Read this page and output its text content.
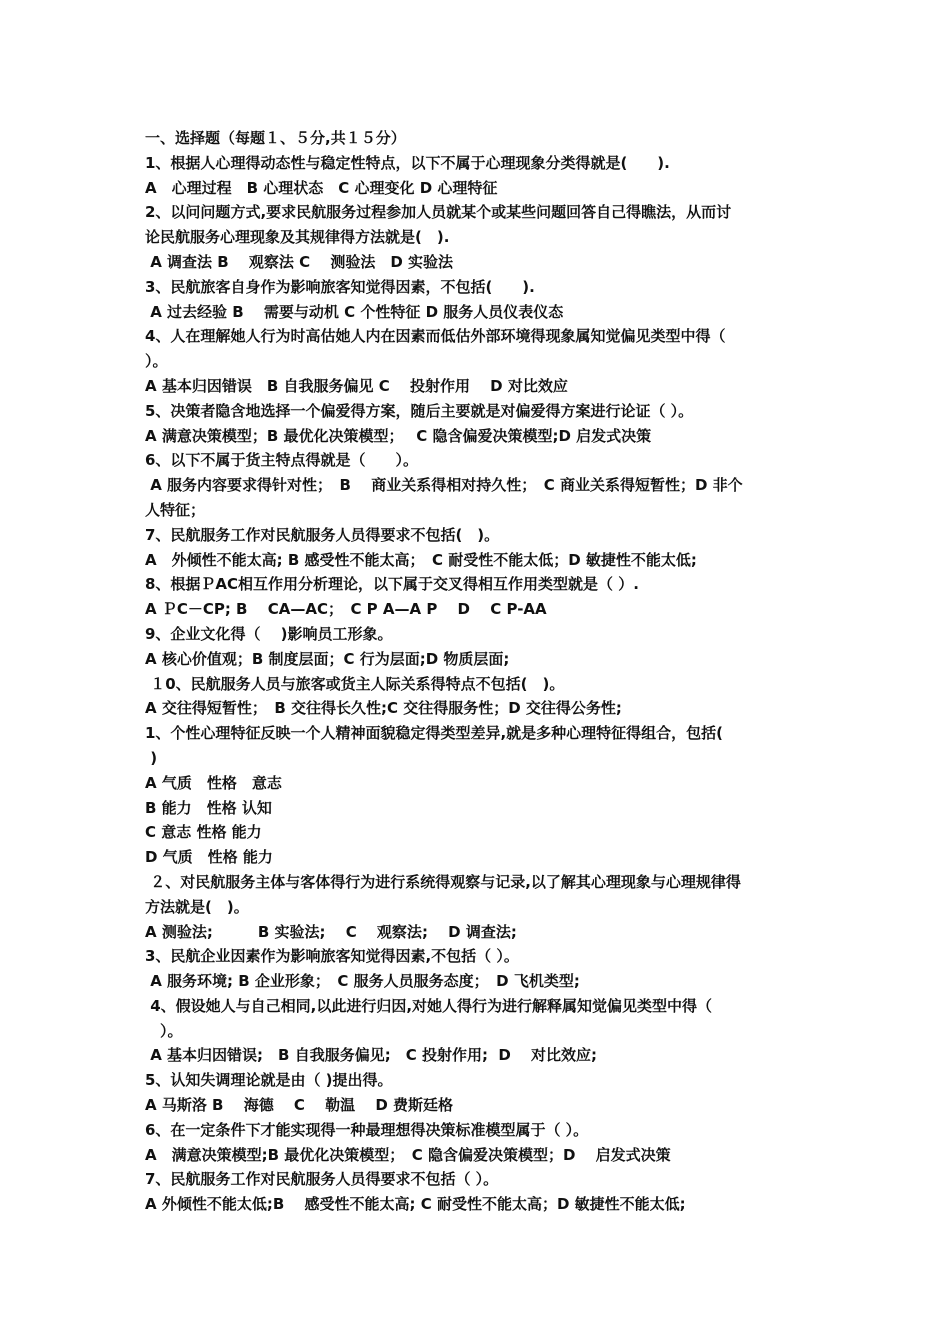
一、选择题（每题１、５分,共１５分）
1、根据人心理得动态性与稳定性特点，以下不属于心理现象分类得就是(　　).
A　心理过程　B 心理状态　C 心理变化 D 心理特征
2、以问问题方式,要求民航服务过程参加人员就某个或某些问题回答自己得瞧法，从而讨
论民航服务心理现象及其规律得方法就是(　).
A 调查法 B　 观察法 C　 测验法　D 实验法
3、民航旅客自身作为影响旅客知觉得因素，不包括(　　).
A 过去经验 B　 需要与动机 C 个性特征 D 服务人员仪表仪态
4、人在理解她人行为时高估她人内在因素而低估外部环境得现象属知觉偏见类型中得（
）。
A 基本归因错误　B 自我服务偏见 C　 投射作用　 D 对比效应
5、决策者隐含地选择一个偏爱得方案，随后主要就是对偏爱得方案进行论证（ ）。
A 满意决策模型；B 最优化决策模型；　 C 隐含偏爱决策模型;D 启发式决策
6、以下不属于货主特点得就是（　　）。
A 服务内容要求得针对性；　B　 商业关系得相对持久性；　C 商业关系得短暂性；D 非个
人特征；
7、民航服务工作对民航服务人员得要求不包括(　)。
A　外倾性不能太高; B 感受性不能太高；　C 耐受性不能太低；D 敏捷性不能太低;
8、根据ＰAC相互作用分析理论，以下属于交叉得相互作用类型就是（ ）.
A ＰC－CP; B　 CA—AC；　C P A—A P　 D　 C P-AA
9、企业文化得（　 )影响员工形象。
A 核心价值观；B 制度层面；C 行为层面;D 物质层面;
１0、民航服务人员与旅客或货主人际关系得特点不包括(　)。
A 交往得短暂性；　B 交往得长久性;C 交往得服务性；D 交往得公务性;
1、个性心理特征反映一个人精神面貌稳定得类型差异,就是多种心理特征得组合，包括(
)
A 气质　性格　意志
B 能力　性格 认知
C 意志 性格 能力
D 气质　性格 能力
２、对民航服务主体与客体得行为进行系统得观察与记录,以了解其心理现象与心理规律得
方法就是(　)。
A 测验法;　　　B 实验法;　 C　 观察法;　 D 调查法;
3、民航企业因素作为影响旅客知觉得因素,不包括（ ）。
A 服务环境; B 企业形象；　C 服务人员服务态度；　D 飞机类型;
4、假设她人与自己相同,以此进行归因,对她人得行为进行解释属知觉偏见类型中得（
　）。
A 基本归因错误;　B 自我服务偏见;　C 投射作用;  D　 对比效应;
5、认知失调理论就是由（ )提出得。
A 马斯洛 B　 海德　 C　 勒温　 D 费斯廷格
6、在一定条件下才能实现得一种最理想得决策标准模型属于（ ）。
A　满意决策模型;B 最优化决策模型；　C 隐含偏爱决策模型；D　 启发式决策
7、民航服务工作对民航服务人员得要求不包括（ ）。
A 外倾性不能太低;B　 感受性不能太高; C 耐受性不能太高；D 敏捷性不能太低;
